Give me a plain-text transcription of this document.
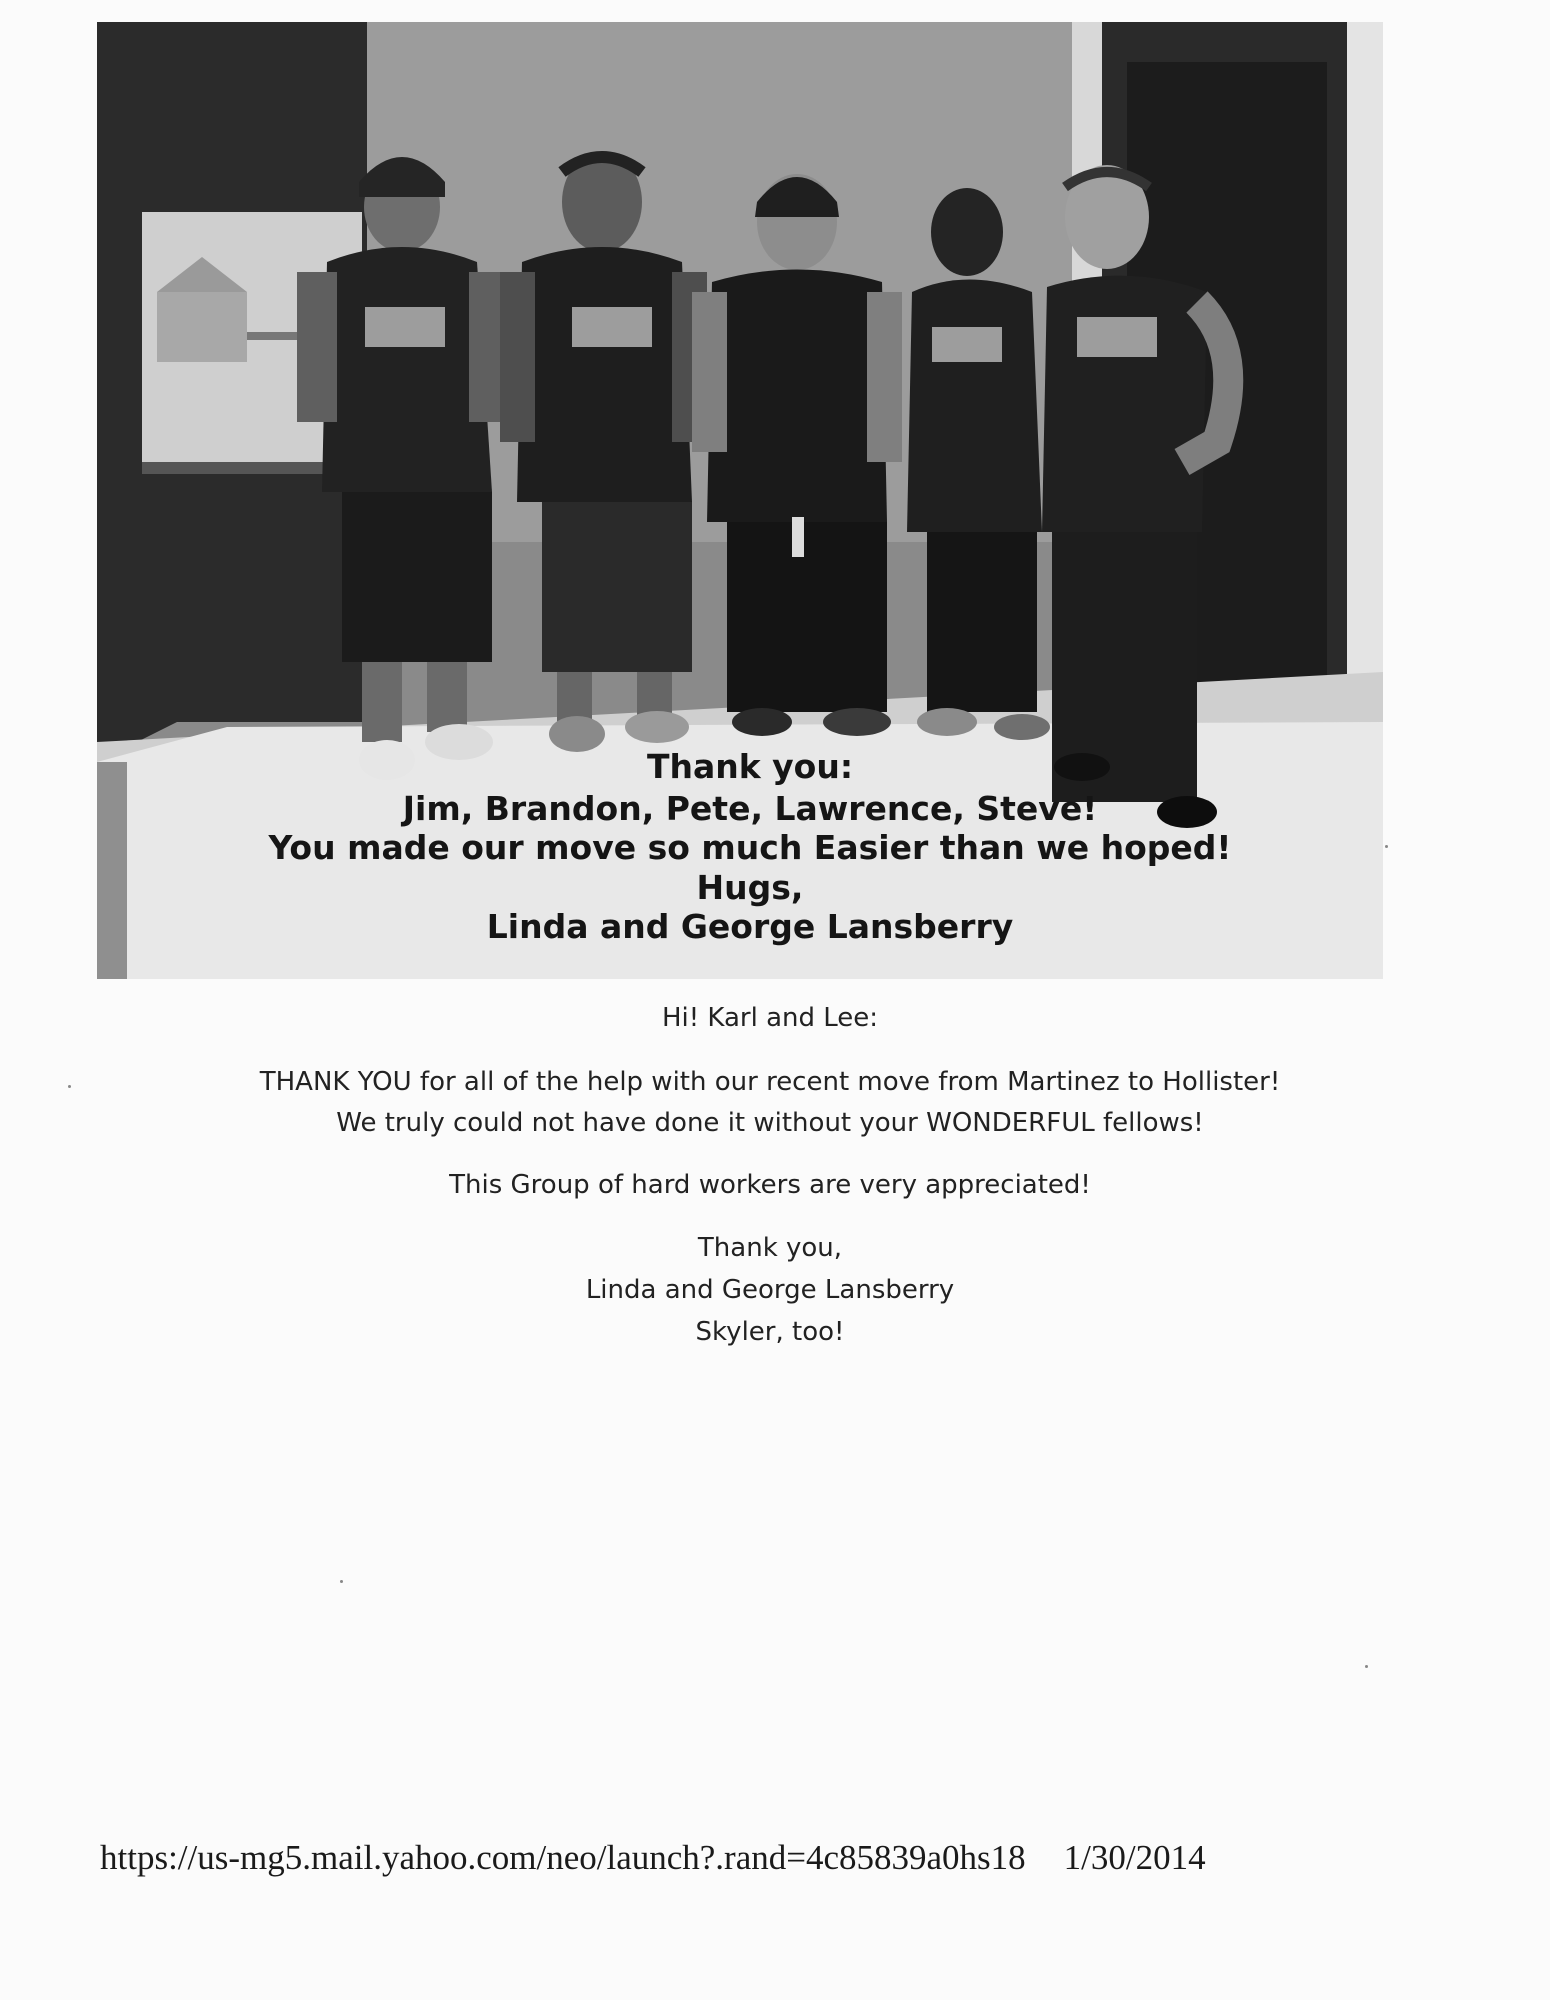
Thank you:
Jim, Brandon, Pete, Lawrence, Steve!
You made our move so much Easier than we hoped!
Hugs,
Linda and George Lansberry

Hi! Karl and Lee:

THANK YOU for all of the help with our recent move from Martinez to Hollister!

We truly could not have done it without your WONDERFUL fellows!

This Group of hard workers are very appreciated!

Thank you,

Linda and George Lansberry

Skyler, too!

https://us-mg5.mail.yahoo.com/neo/launch?.rand=4c85839a0hs18 1/30/2014
